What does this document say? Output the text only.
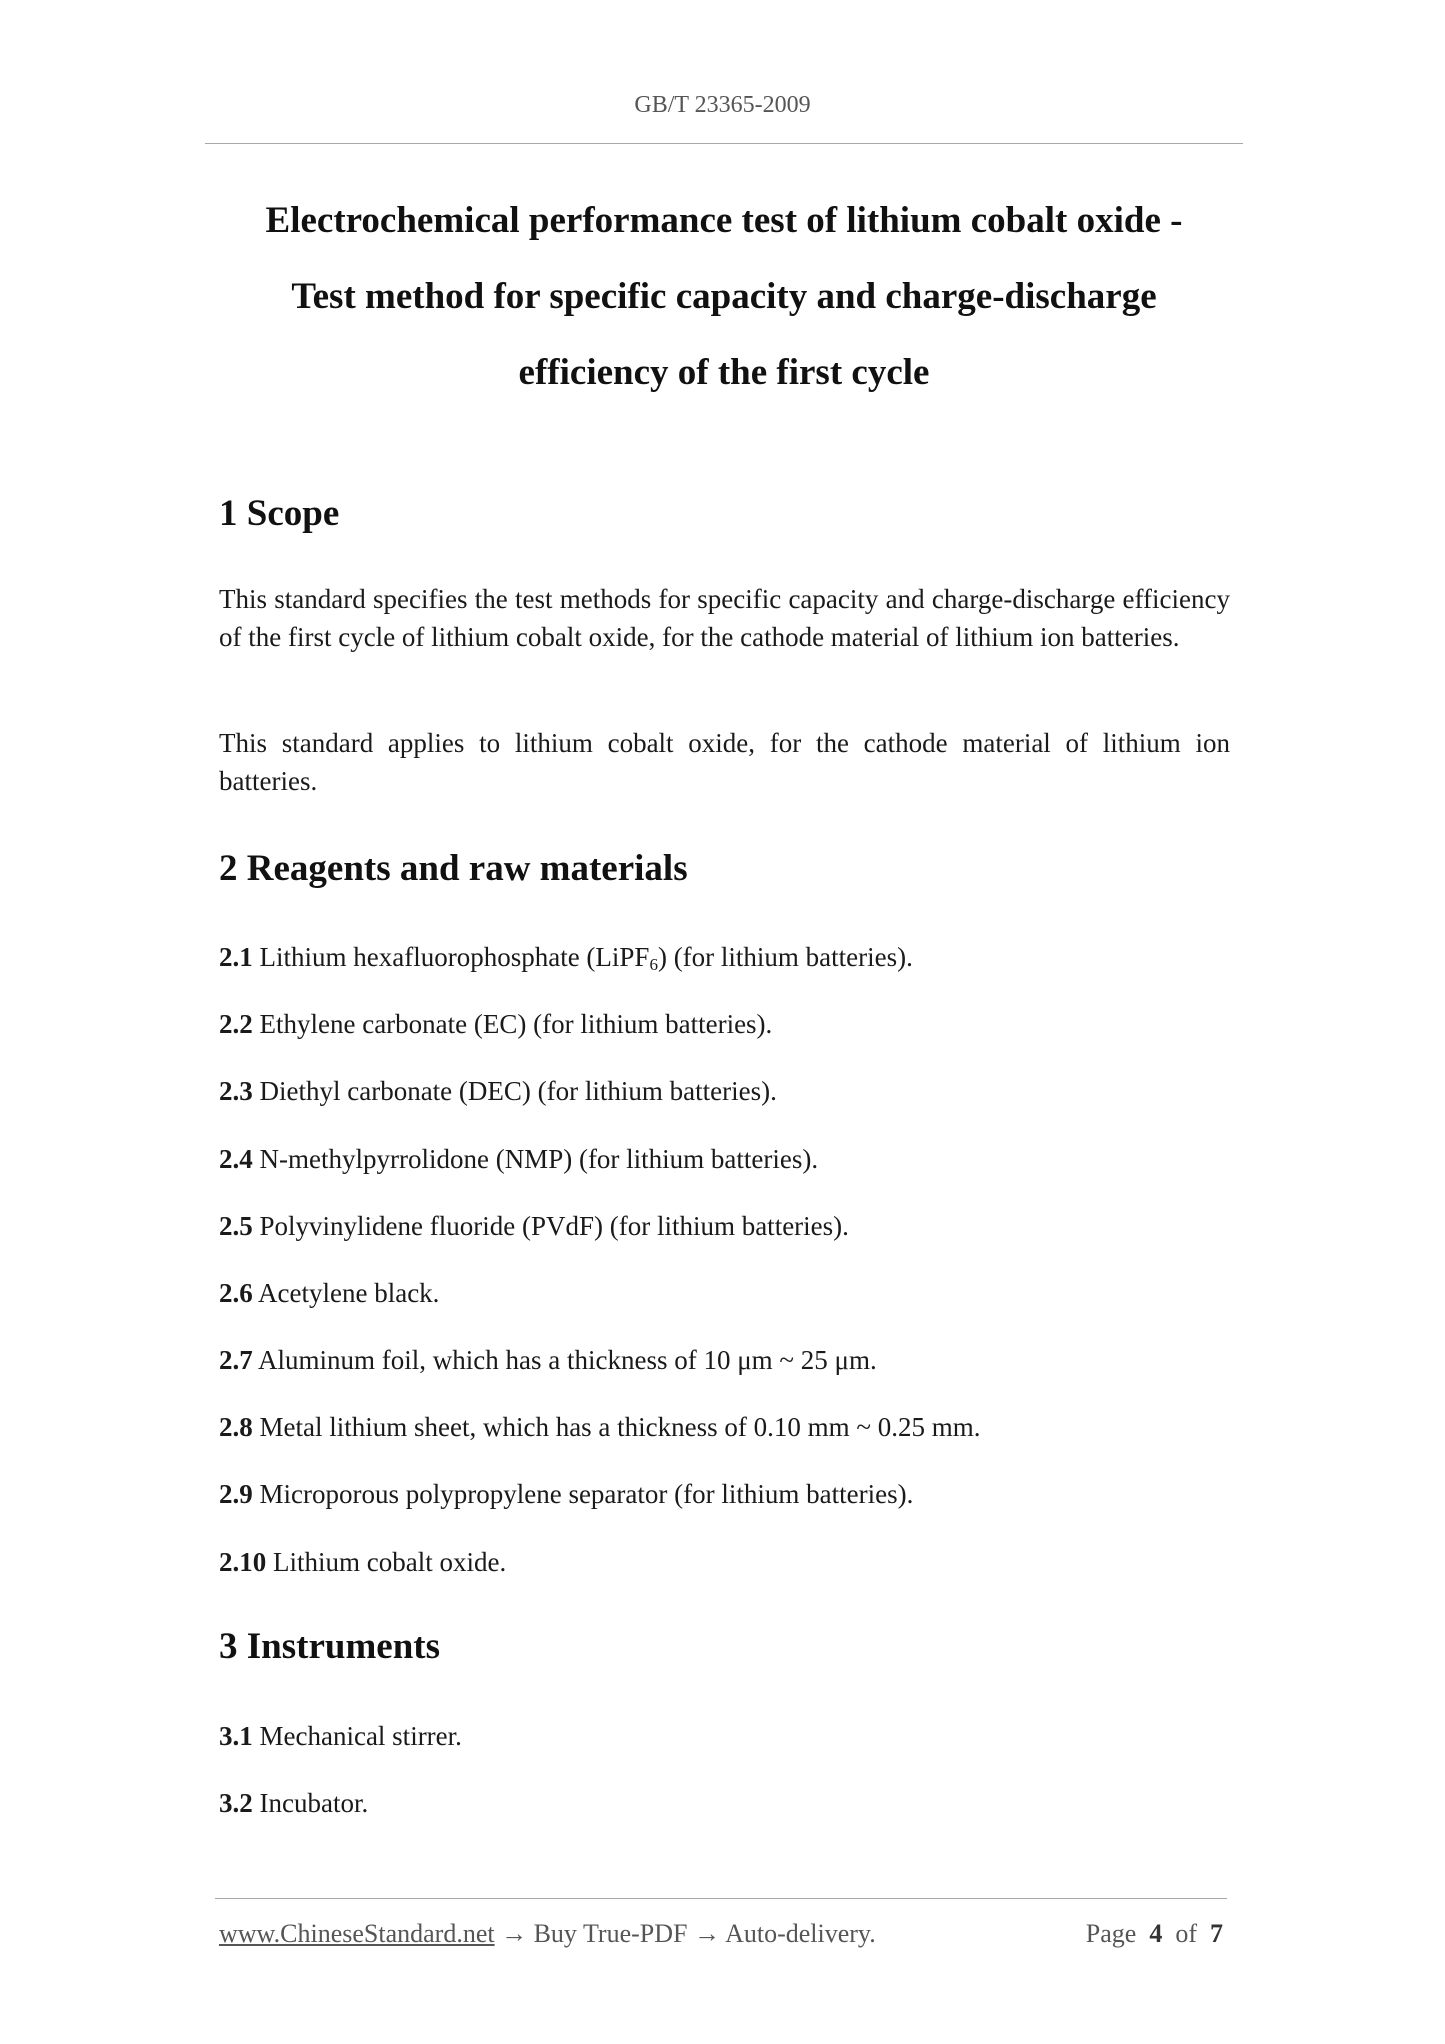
GB/T 23365-2009
Electrochemical performance test of lithium cobalt oxide -
Test method for specific capacity and charge-discharge
efficiency of the first cycle
1 Scope

This standard specifies the test methods for specific capacity and charge-discharge efficiency of the first cycle of lithium cobalt oxide, for the cathode material of lithium ion batteries.

This standard applies to lithium cobalt oxide, for the cathode material of lithium ion batteries.

2 Reagents and raw materials
2.1 Lithium hexafluorophosphate (LiPF$_6$) (for lithium batteries).
2.2 Ethylene carbonate (EC) (for lithium batteries).
2.3 Diethyl carbonate (DEC) (for lithium batteries).
2.4 N-methylpyrrolidone (NMP) (for lithium batteries).
2.5 Polyvinylidene fluoride (PVdF) (for lithium batteries).
2.6 Acetylene black.
2.7 Aluminum foil, which has a thickness of 10 μm ~ 25 μm.
2.8 Metal lithium sheet, which has a thickness of 0.10 mm ~ 0.25 mm.
2.9 Microporous polypropylene separator (for lithium batteries).
2.10 Lithium cobalt oxide.
3 Instruments
3.1 Mechanical stirrer.
3.2 Incubator.
www.ChineseStandard.net → Buy True-PDF → Auto-delivery.	Page 4 of 7
